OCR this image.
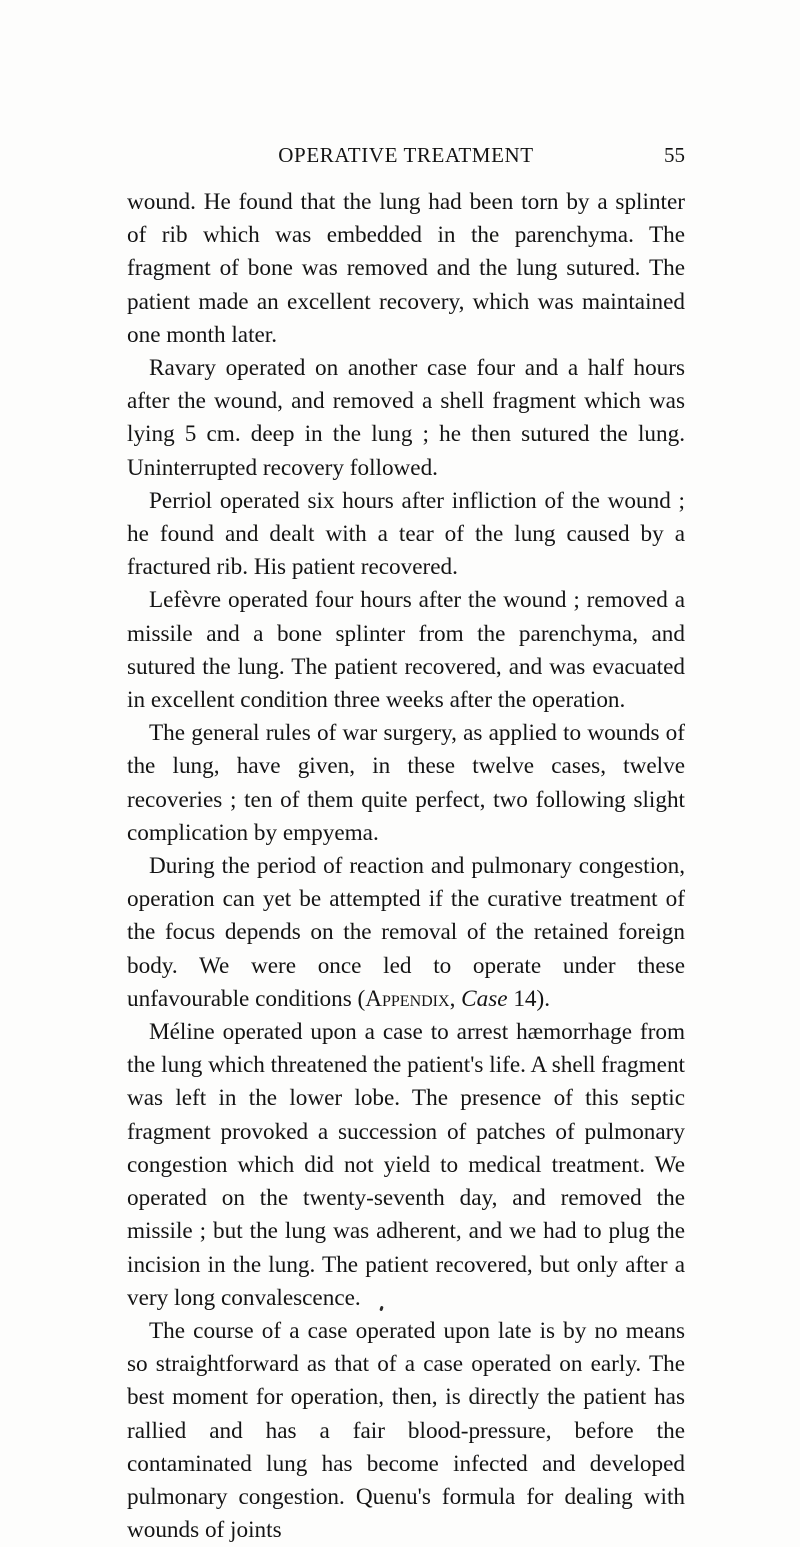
OPERATIVE TREATMENT	55

wound. He found that the lung had been torn by a splinter of rib which was embedded in the parenchyma. The fragment of bone was removed and the lung sutured. The patient made an excellent recovery, which was maintained one month later.

Ravary operated on another case four and a half hours after the wound, and removed a shell fragment which was lying 5 cm. deep in the lung ; he then sutured the lung. Uninterrupted recovery followed.

Perriol operated six hours after infliction of the wound ; he found and dealt with a tear of the lung caused by a fractured rib. His patient recovered.

Lefèvre operated four hours after the wound ; removed a missile and a bone splinter from the parenchyma, and sutured the lung. The patient recovered, and was evacuated in excellent condition three weeks after the operation.

The general rules of war surgery, as applied to wounds of the lung, have given, in these twelve cases, twelve recoveries ; ten of them quite perfect, two following slight complication by empyema.

During the period of reaction and pulmonary congestion, operation can yet be attempted if the curative treatment of the focus depends on the removal of the retained foreign body. We were once led to operate under these unfavourable conditions (Appendix, Case 14).

Méline operated upon a case to arrest hæmorrhage from the lung which threatened the patient's life. A shell fragment was left in the lower lobe. The presence of this septic fragment provoked a succession of patches of pulmonary congestion which did not yield to medical treatment. We operated on the twenty-seventh day, and removed the missile ; but the lung was adherent, and we had to plug the incision in the lung. The patient recovered, but only after a very long convalescence.

The course of a case operated upon late is by no means so straightforward as that of a case operated on early. The best moment for operation, then, is directly the patient has rallied and has a fair blood-pressure, before the contaminated lung has become infected and developed pulmonary congestion. Quenu's formula for dealing with wounds of joints
